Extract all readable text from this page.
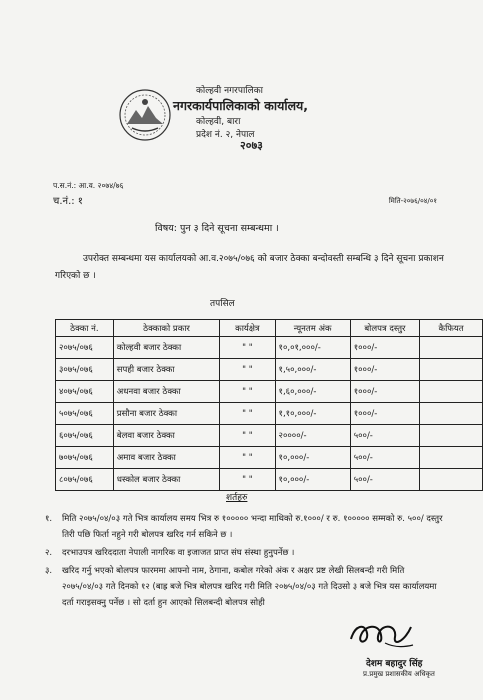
कोल्हवी नगरपालिका
नगरकार्यपालिकाको कार्यालय,
कोल्हवी, बारा
प्रदेश नं. २, नेपाल
२०७३
प.स.नं.: आ.व. २०७४/७६
च.नं.: १	मिति-२०७६/०४/०१
विषय: पुन ३ दिने सूचना सम्बन्धमा ।
उपरोक्त सम्बन्धमा यस कार्यालयको आ.व.२०७५/०७६ को बजार ठेक्का बन्दोवस्ती सम्बन्धि ३ दिने सूचना प्रकाशन गरिएको छ ।
तपसिल
ठेक्का नं.	ठेक्काको प्रकार	कार्यक्षेत्र	न्यूनतम अंक	बोलपत्र दस्तुर	कैफियत
२०७५/०७६	कोल्हवी बजार ठेक्का	" "	१०,०१,०००/-	१०००/-	
३०७५/०७६	सपही बजार ठेक्का	" "	१,५०,०००/-	१०००/-	
४०७५/०७६	अधनवा बजार ठेक्का	" "	१,६०,०००/-	१०००/-	
५०७५/०७६	प्रसौना बजार ठेक्का	" "	१,१०,०००/-	१०००/-	
६०७५/०७६	बेलवा बजार ठेक्का	" "	२००००/-	५००/-	
७०७५/०७६	अमाव बजार ठेक्का	" "	१०,०००/-	५००/-	
८०७५/०७६	धस्कोल बजार ठेक्का	" "	१०,०००/-	५००/-	
शर्तहरु
१. मिति २०७५/०४/०३ गते भित्र कार्यालय समय भित्र रु १००००० भन्दा माथिको रु.१०००/ र रु. १००००० सम्मको रु. ५००/ दस्तुर तिरी पछि फिर्ता नहुने गरी बोलपत्र खरिद गर्न सकिने छ ।
२. दरभाउपत्र खरिददाता नेपाली नागरिक वा इजाजत प्राप्त संघ संस्था हुनुपर्नेछ ।
३. खरिद गर्नु भएको बोलपत्र फारममा आफ्नो नाम, ठेगाना, कबोल गरेको अंक र अक्षर प्रष्ट लेखी सिलबन्दी गरी मिति २०७५/०४/०३ गते दिनको १२ (बाह्र बजे भित्र बोलपत्र खरिद गरी मिति २०७५/०४/०३ गते दिउसो ३ बजे भित्र यस कार्यालयमा दर्ता गराइसक्नु पर्नेछ । सो दर्ता हुन आएको सिलबन्दी बोलपत्र सोही
देशम बहादुर सिंह
प्र.प्रमुख प्रशासकीय अधिकृत
